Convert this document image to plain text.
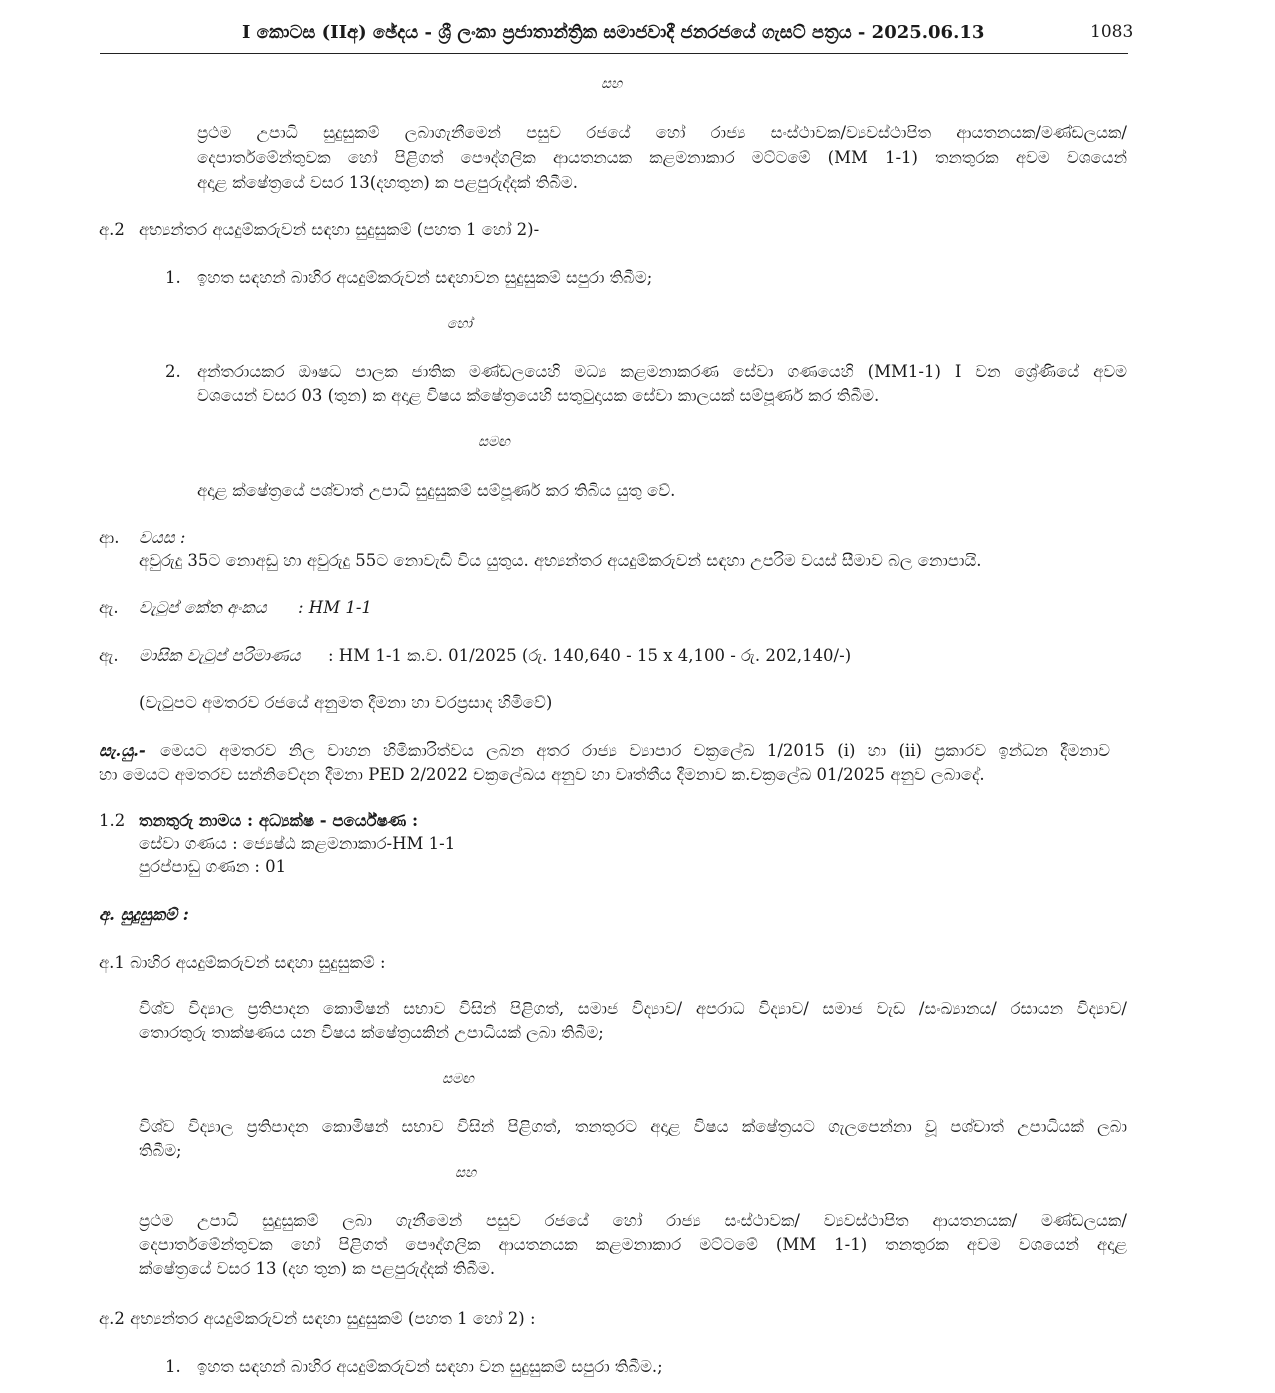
I කොටස (IIඅ) ඡේදය - ශ්‍රී ලංකා ප්‍රජාතාන්ත්‍රික සමාජවාදී ජනරජයේ ගැසට් පත්‍රය - 2025.06.13	1083
සහ
ප්‍රථම උපාධි සුදුසුකම් ලබාගැනීමෙන් පසුව රජයේ හෝ රාජ්‍ය සංස්ථාවක/ව්‍යවස්ථාපිත ආයතනයක/මණ්ඩලයක/
දෙපාර්තමේන්තුවක හෝ පිළිගත් පෞද්ගලික ආයතනයක කළමනාකාර මට්ටමේ (MM 1-1) තනතුරක අවම වශයෙන්
අදාළ ක්ෂේත්‍රයේ වසර 13(දහතුන) ක පළපුරුද්දක් තිබීම.
අ.2 අභ්‍යන්තර අයදුම්කරුවන් සඳහා සුදුසුකම් (පහත 1 හෝ 2)-
1. ඉහත සඳහන් බාහිර අයදුම්කරුවන් සඳහාවන සුදුසුකම් සපුරා තිබීම;
හෝ
2. අන්තරායකර ඖෂධ පාලක ජාතික මණ්ඩලයෙහි මධ්‍ය කළමනාකරණ සේවා ගණයෙහි (MM1-1) I වන ශ්‍රේණියේ අවම
වශයෙන් වසර 03 (තුන) ක අදාළ විෂය ක්ෂේත්‍රයෙහි සතුටුදායක සේවා කාලයක් සම්පූර්ණ කර තිබීම.
සමඟ
අදාළ ක්ෂේත්‍රයේ පශ්චාත් උපාධි සුදුසුකම් සම්පූර්ණ කර තිබිය යුතු වේ.
ආ. වයස :
අවුරුදු 35ට නොඅඩු හා අවුරුදු 55ට නොවැඩි විය යුතුය. අභ්‍යන්තර අයදුම්කරුවන් සඳහා උපරිම වයස් සීමාව බල නොපායි.
ඇ. වැටුප් කේත අංකය : HM 1-1
ඇ. මාසික වැටුප් පරිමාණය : HM 1-1 ක.ව. 01/2025 (රු. 140,640 - 15 x 4,100 - රු. 202,140/-)
(වැටුපට අමතරව රජයේ අනුමත දීමනා හා වරප්‍රසාද හිමිවේ)
සැ.යු.- මෙයට අමතරව නිල වාහන හිමිකාරිත්වය ලබන අතර රාජ්‍ය ව්‍යාපාර චක්‍රලේඛ 1/2015 (i) හා (ii) ප්‍රකාරව ඉන්ධන දීමනාව
හා මෙයට අමතරව සන්නිවේදන දීමනා PED 2/2022 චක්‍රලේඛය අනුව හා වෘත්තීය දීමනාව ක.චක්‍රලේඛ 01/2025 අනුව ලබාදේ.
1.2 තනතුරු නාමය : අධ්‍යක්ෂ - පර්යේෂණ :
සේවා ගණය : ජ්‍යෙෂ්ඨ කළමනාකාර-HM 1-1
පුරප්පාඩු ගණන : 01
අ. සුදුසුකම් :
අ.1 බාහිර අයදුම්කරුවන් සඳහා සුදුසුකම් :
විශ්ව විද්‍යාල ප්‍රතිපාදන කොමිෂන් සභාව විසින් පිළිගත්, සමාජ විද්‍යාව/ අපරාධ විද්‍යාව/ සමාජ වැඩ /සංඛ්‍යානය/ රසායන විද්‍යාව/
තොරතුරු තාක්ෂණය යන විෂය ක්ෂේත්‍රයකින් උපාධියක් ලබා තිබීම;
සමඟ
විශ්ව විද්‍යාල ප්‍රතිපාදන කොමිෂන් සභාව විසින් පිළිගත්, තනතුරට අදාළ විෂය ක්ෂේත්‍රයට ගැලපෙන්නා වූ පශ්චාත් උපාධියක් ලබා
තිබීම;
සහ
ප්‍රථම උපාධි සුදුසුකම් ලබා ගැනීමෙන් පසුව රජයේ හෝ රාජ්‍ය සංස්ථාවක/ ව්‍යවස්ථාපිත ආයතනයක/ මණ්ඩලයක/
දෙපාර්තමේන්තුවක හෝ පිළිගත් පෞද්ගලික ආයතනයක කළමනාකාර මට්ටමේ (MM 1-1) තනතුරක අවම වශයෙන් අදාළ
ක්ෂේත්‍රයේ වසර 13 (දහ තුන) ක පළපුරුද්දක් තිබීම.
අ.2 අභ්‍යන්තර අයදුම්කරුවන් සඳහා සුදුසුකම් (පහත 1 හෝ 2) :
1. ඉහත සඳහන් බාහිර අයදුම්කරුවන් සඳහා වන සුදුසුකම් සපුරා තිබීම.;
